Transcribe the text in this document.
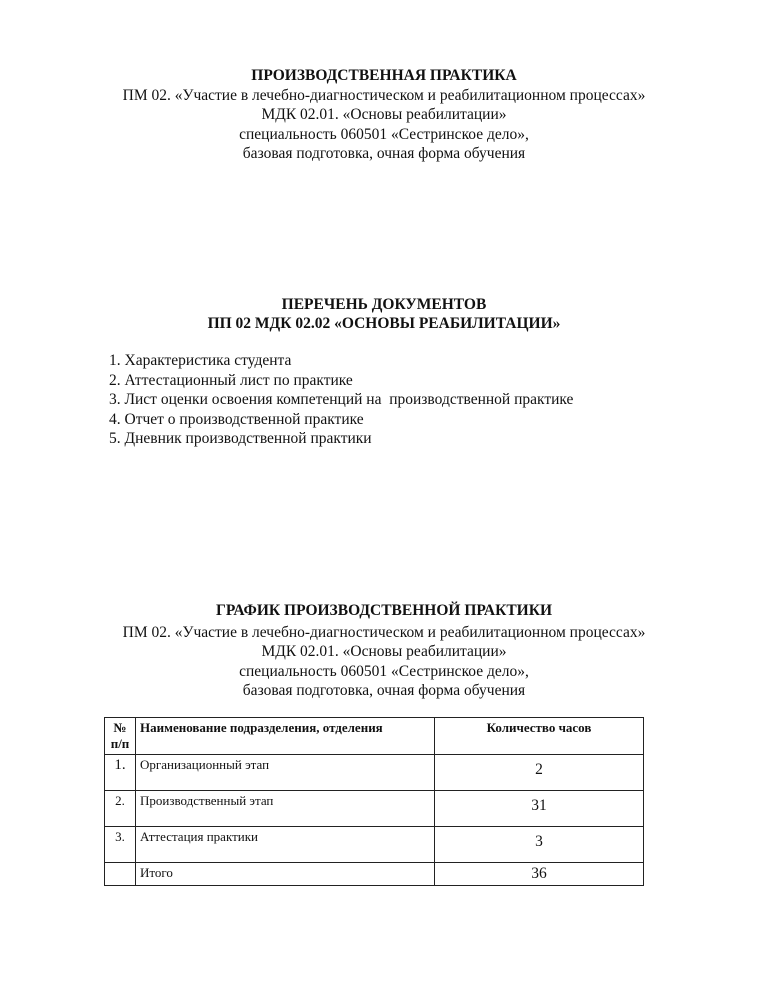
ПРОИЗВОДСТВЕННАЯ ПРАКТИКА
ПМ 02. «Участие в лечебно-диагностическом и реабилитационном процессах»
МДК 02.01. «Основы реабилитации»
специальность 060501 «Сестринское дело»,
базовая подготовка, очная форма обучения
ПЕРЕЧЕНЬ ДОКУМЕНТОВ
ПП 02 МДК 02.02 «ОСНОВЫ РЕАБИЛИТАЦИИ»
1. Характеристика студента
2. Аттестационный лист по практике
3. Лист оценки освоения компетенций на  производственной практике
4. Отчет о производственной практике
5. Дневник производственной практики
ГРАФИК ПРОИЗВОДСТВЕННОЙ ПРАКТИКИ
ПМ 02. «Участие в лечебно-диагностическом и реабилитационном процессах»
МДК 02.01. «Основы реабилитации»
специальность 060501 «Сестринское дело»,
базовая подготовка, очная форма обучения
№ п/п	Наименование подразделения, отделения	Количество часов
1.	Организационный этап	2
2.	Производственный этап	31
3.	Аттестация практики	3
	Итого	36
